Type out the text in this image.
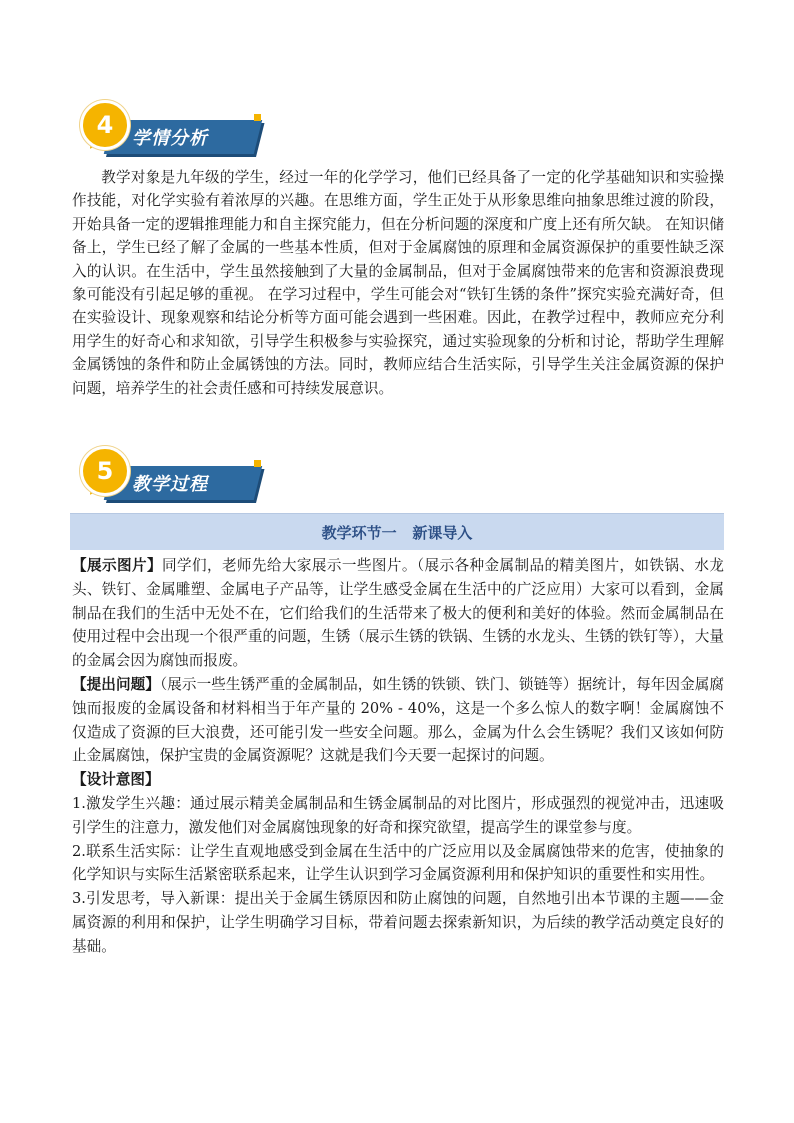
学情分析
4

教学对象是九年级的学生，经过一年的化学学习，他们已经具备了一定的化学基础知识和实验操作技能，对化学实验有着浓厚的兴趣。在思维方面，学生正处于从形象思维向抽象思维过渡的阶段，开始具备一定的逻辑推理能力和自主探究能力，但在分析问题的深度和广度上还有所欠缺。 在知识储备上，学生已经了解了金属的一些基本性质，但对于金属腐蚀的原理和金属资源保护的重要性缺乏深入的认识。在生活中，学生虽然接触到了大量的金属制品，但对于金属腐蚀带来的危害和资源浪费现象可能没有引起足够的重视。 在学习过程中，学生可能会对“铁钉生锈的条件”探究实验充满好奇，但在实验设计、现象观察和结论分析等方面可能会遇到一些困难。因此，在教学过程中，教师应充分利用学生的好奇心和求知欲，引导学生积极参与实验探究，通过实验现象的分析和讨论，帮助学生理解金属锈蚀的条件和防止金属锈蚀的方法。同时，教师应结合生活实际，引导学生关注金属资源的保护问题，培养学生的社会责任感和可持续发展意识。

教学过程
5
教学环节一   新课导入

【展示图片】同学们，老师先给大家展示一些图片。（展示各种金属制品的精美图片，如铁锅、水龙头、铁钉、金属雕塑、金属电子产品等，让学生感受金属在生活中的广泛应用）大家可以看到，金属制品在我们的生活中无处不在，它们给我们的生活带来了极大的便利和美好的体验。然而金属制品在使用过程中会出现一个很严重的问题，生锈（展示生锈的铁锅、生锈的水龙头、生锈的铁钉等），大量的金属会因为腐蚀而报废。

【提出问题】（展示一些生锈严重的金属制品，如生锈的铁锁、铁门、锁链等）据统计，每年因金属腐蚀而报废的金属设备和材料相当于年产量的 20% - 40%，这是一个多么惊人的数字啊！金属腐蚀不仅造成了资源的巨大浪费，还可能引发一些安全问题。那么，金属为什么会生锈呢？我们又该如何防止金属腐蚀，保护宝贵的金属资源呢？这就是我们今天要一起探讨的问题。

【设计意图】

1.激发学生兴趣：通过展示精美金属制品和生锈金属制品的对比图片，形成强烈的视觉冲击，迅速吸引学生的注意力，激发他们对金属腐蚀现象的好奇和探究欲望，提高学生的课堂参与度。

2.联系生活实际：让学生直观地感受到金属在生活中的广泛应用以及金属腐蚀带来的危害，使抽象的化学知识与实际生活紧密联系起来，让学生认识到学习金属资源利用和保护知识的重要性和实用性。

3.引发思考，导入新课：提出关于金属生锈原因和防止腐蚀的问题，自然地引出本节课的主题——金属资源的利用和保护，让学生明确学习目标，带着问题去探索新知识，为后续的教学活动奠定良好的基础。
